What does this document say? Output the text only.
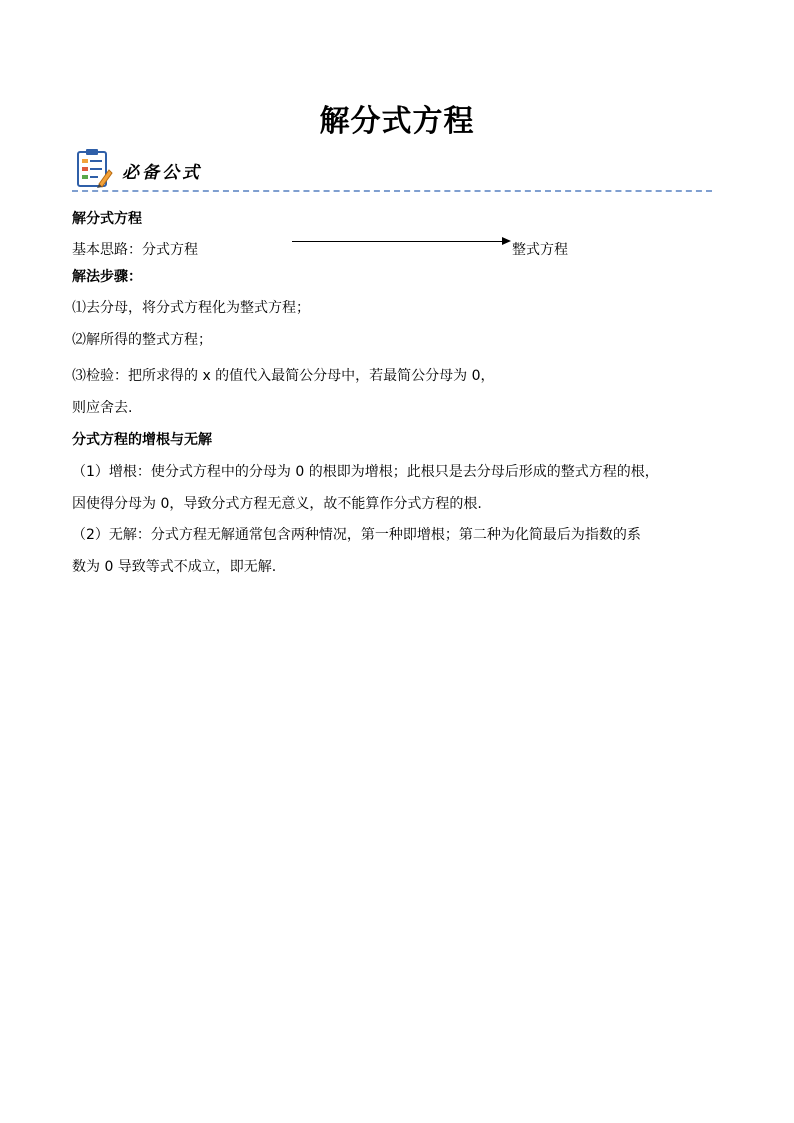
解分式方程
必备公式
解分式方程
基本思路：分式方程	整式方程
解法步骤：
⑴去分母，将分式方程化为整式方程；
⑵解所得的整式方程；
⑶检验：把所求得的 x 的值代入最简公分母中，若最简公分母为 0，
则应舍去.
分式方程的增根与无解
（1）增根：使分式方程中的分母为 0 的根即为增根；此根只是去分母后形成的整式方程的根，
因使得分母为 0，导致分式方程无意义，故不能算作分式方程的根.
（2）无解：分式方程无解通常包含两种情况，第一种即增根；第二种为化简最后为指数的系
数为 0 导致等式不成立，即无解.
